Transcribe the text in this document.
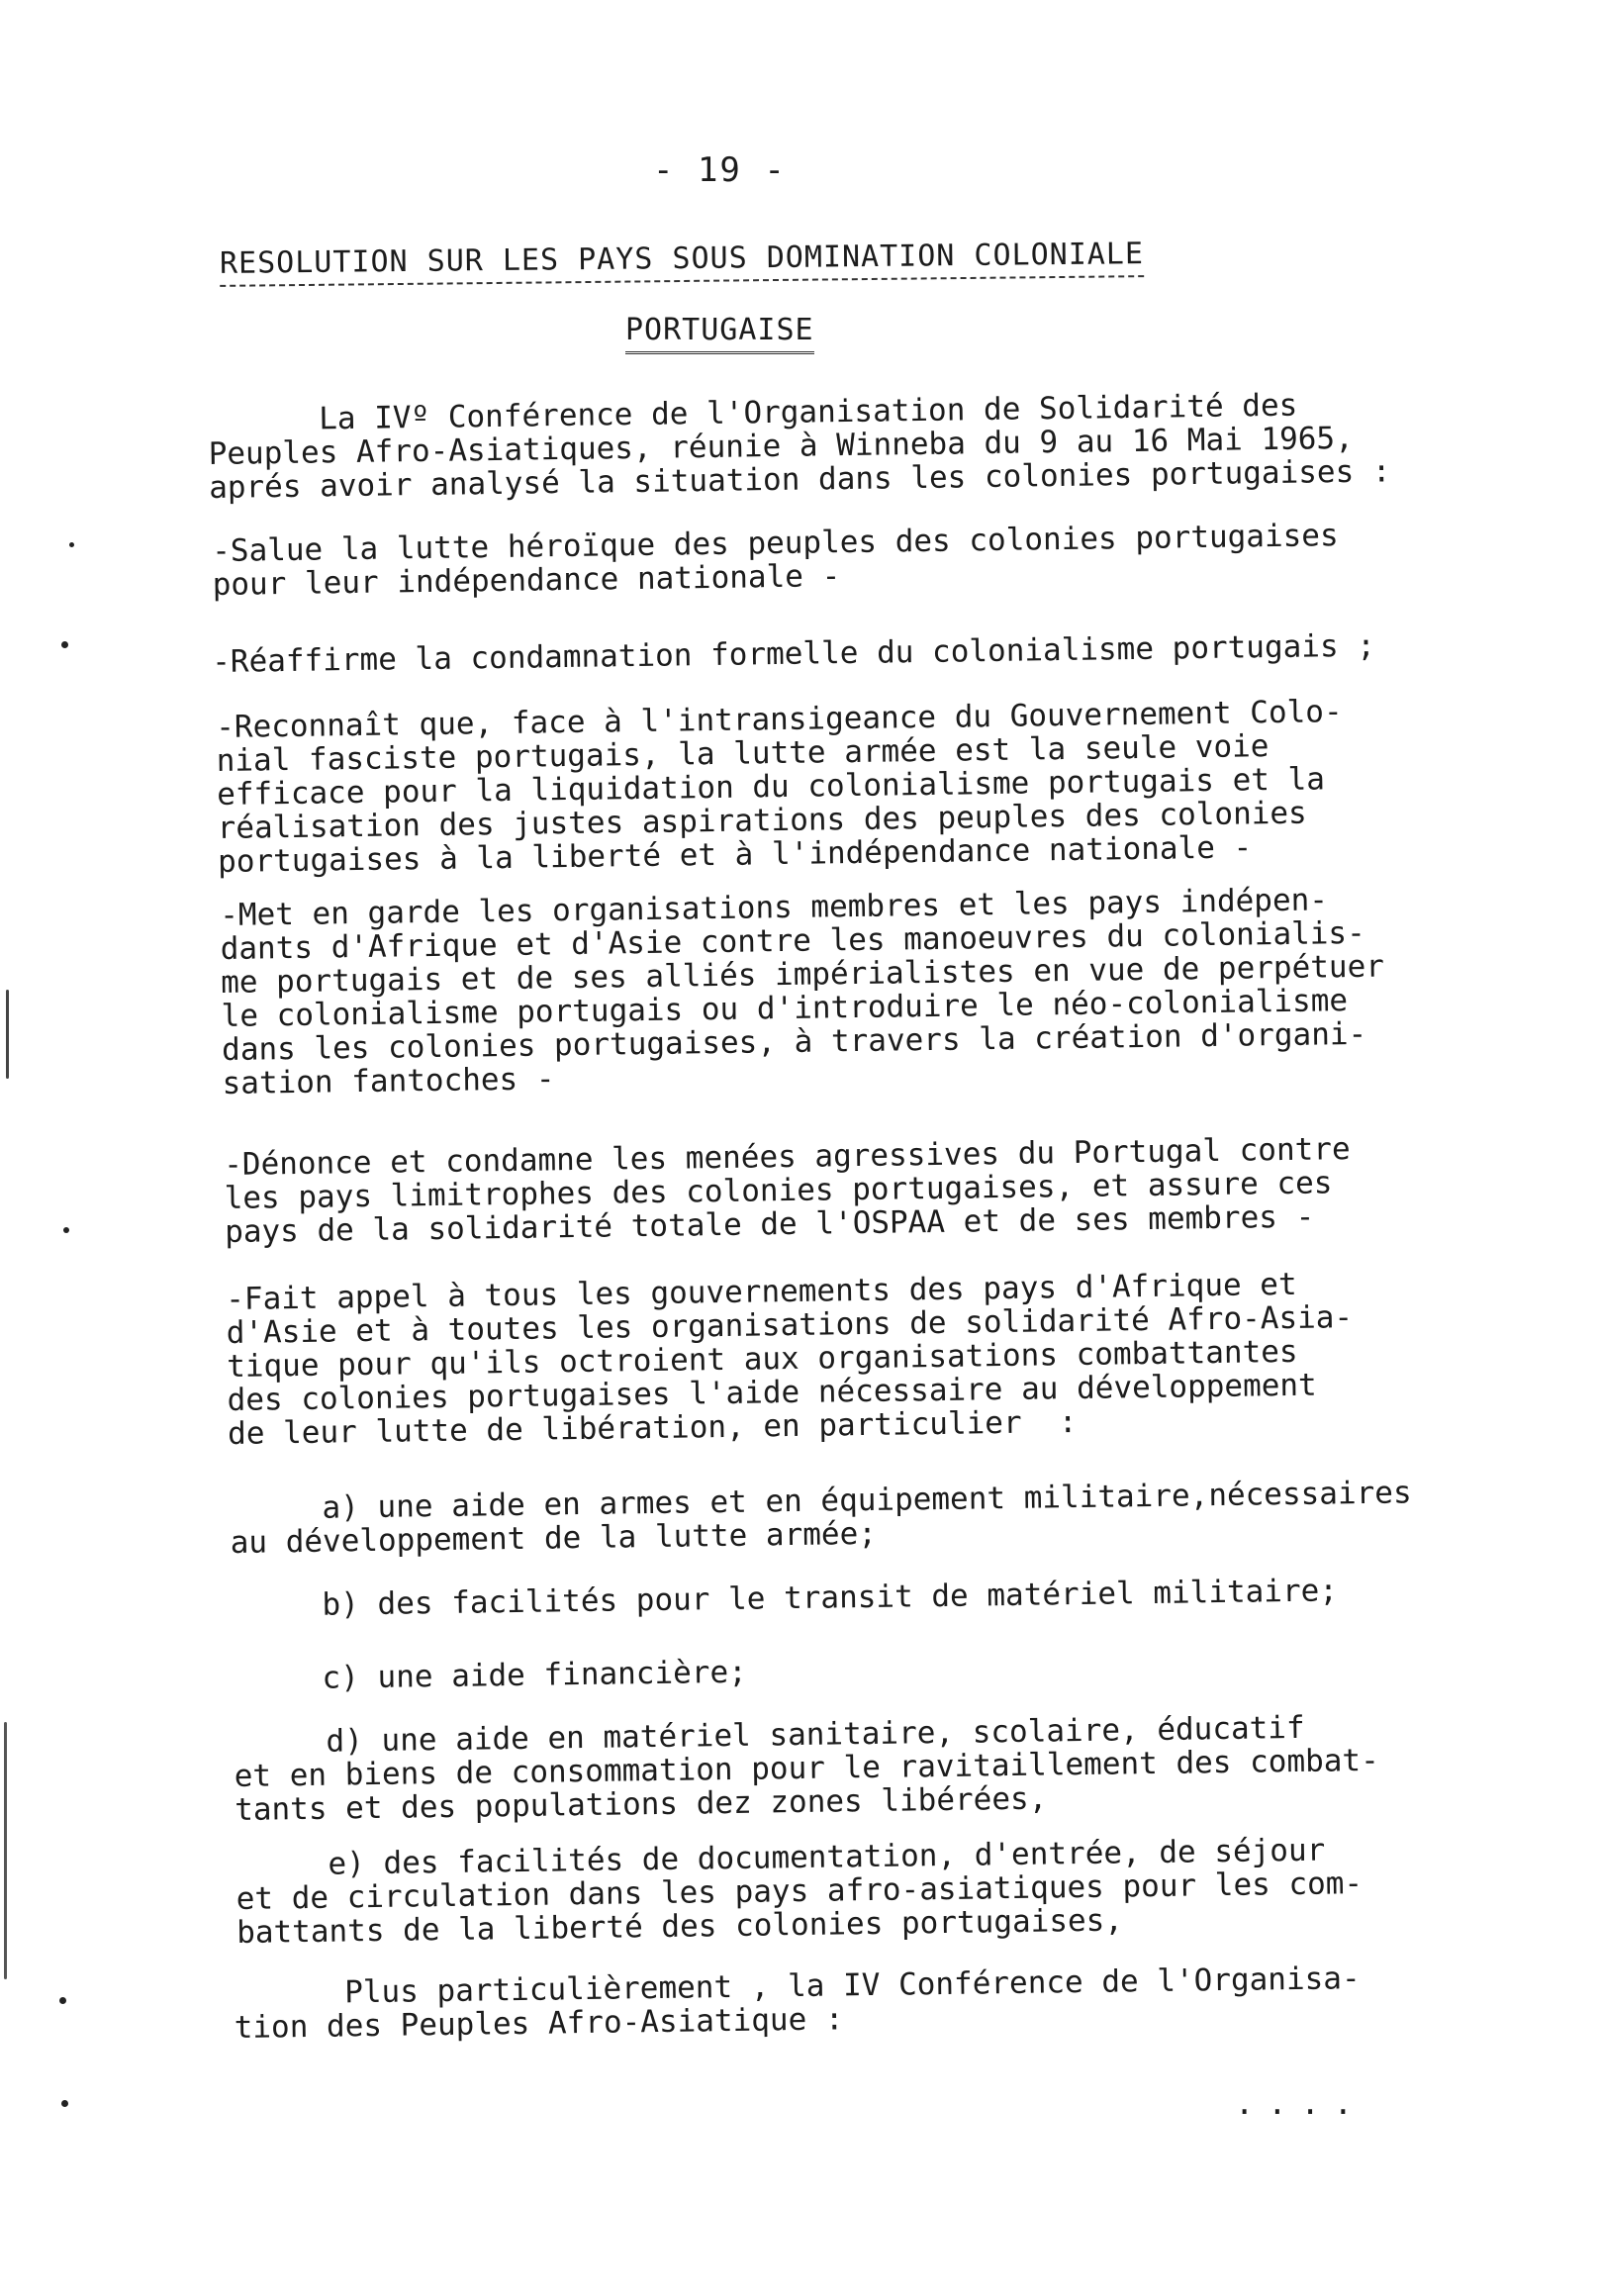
- 19 -
RESOLUTION SUR LES PAYS SOUS DOMINATION COLONIALE
PORTUGAISE
La IVº Conférence de l'Organisation de Solidarité des
Peuples Afro-Asiatiques, réunie à Winneba du 9 au 16 Mai 1965,
aprés avoir analysé la situation dans les colonies portugaises :
-Salue la lutte héroïque des peuples des colonies portugaises
pour leur indépendance nationale -
-Réaffirme la condamnation formelle du colonialisme portugais ;
-Reconnaît que, face à l'intransigeance du Gouvernement Colo-
nial fasciste portugais, la lutte armée est la seule voie
efficace pour la liquidation du colonialisme portugais et la
réalisation des justes aspirations des peuples des colonies
portugaises à la liberté et à l'indépendance nationale -
-Met en garde les organisations membres et les pays indépen-
dants d'Afrique et d'Asie contre les manoeuvres du colonialis-
me portugais et de ses alliés impérialistes en vue de perpétuer
le colonialisme portugais ou d'introduire le néo-colonialisme
dans les colonies portugaises, à travers la création d'organi-
sation fantoches -
-Dénonce et condamne les menées agressives du Portugal contre
les pays limitrophes des colonies portugaises, et assure ces
pays de la solidarité totale de l'OSPAA et de ses membres -
-Fait appel à tous les gouvernements des pays d'Afrique et
d'Asie et à toutes les organisations de solidarité Afro-Asia-
tique pour qu'ils octroient aux organisations combattantes
des colonies portugaises l'aide nécessaire au développement
de leur lutte de libération, en particulier  :
a) une aide en armes et en équipement militaire,nécessaires
au développement de la lutte armée;
b) des facilités pour le transit de matériel militaire;
c) une aide financière;
d) une aide en matériel sanitaire, scolaire, éducatif
et en biens de consommation pour le ravitaillement des combat-
tants et des populations dez zones libérées,
e) des facilités de documentation, d'entrée, de séjour
et de circulation dans les pays afro-asiatiques pour les com-
battants de la liberté des colonies portugaises,
Plus particulièrement , la IV Conférence de l'Organisa-
tion des Peuples Afro-Asiatique :
....
